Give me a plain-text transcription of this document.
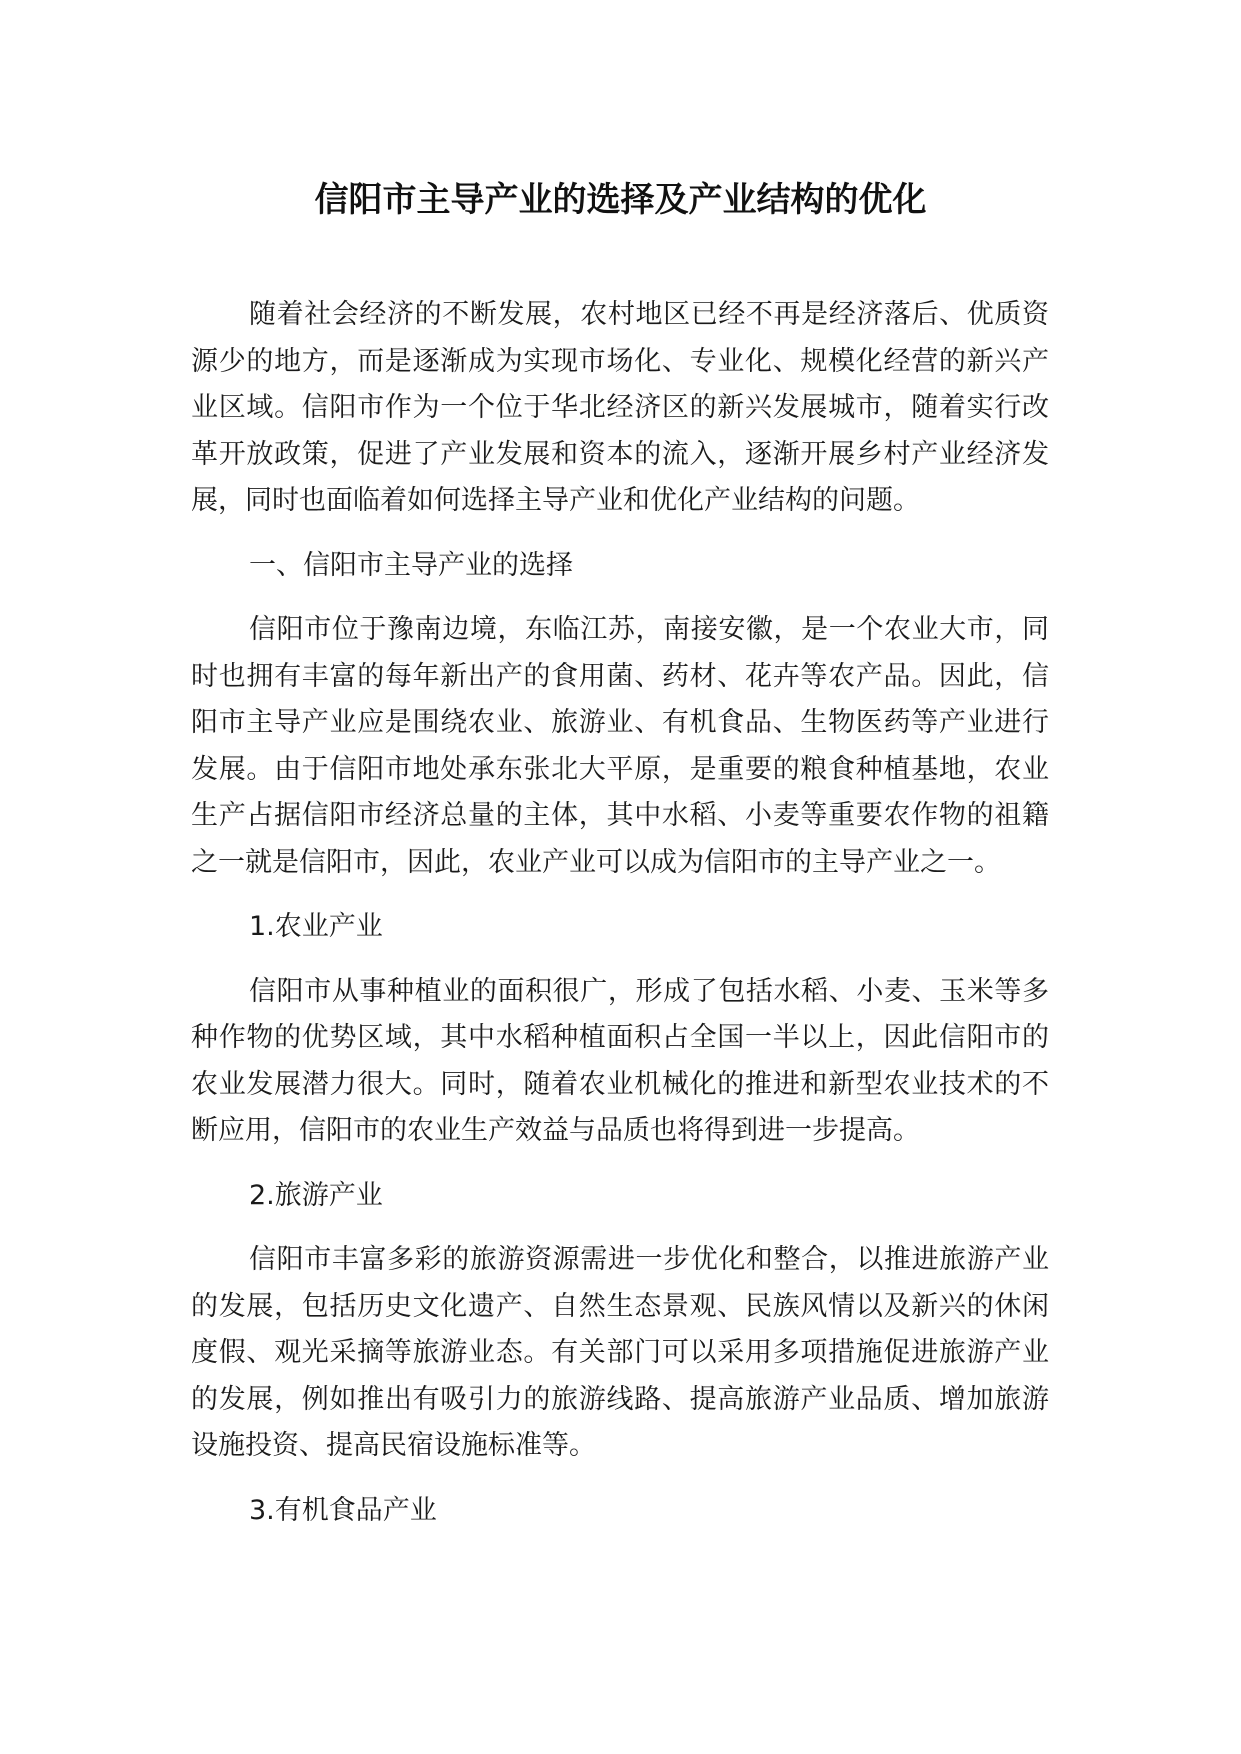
信阳市主导产业的选择及产业结构的优化

随着社会经济的不断发展，农村地区已经不再是经济落后、优质资源少的地方，而是逐渐成为实现市场化、专业化、规模化经营的新兴产业区域。信阳市作为一个位于华北经济区的新兴发展城市，随着实行改革开放政策，促进了产业发展和资本的流入，逐渐开展乡村产业经济发展，同时也面临着如何选择主导产业和优化产业结构的问题。

一、信阳市主导产业的选择

信阳市位于豫南边境，东临江苏，南接安徽，是一个农业大市，同时也拥有丰富的每年新出产的食用菌、药材、花卉等农产品。因此，信阳市主导产业应是围绕农业、旅游业、有机食品、生物医药等产业进行发展。由于信阳市地处承东张北大平原，是重要的粮食种植基地，农业生产占据信阳市经济总量的主体，其中水稻、小麦等重要农作物的祖籍之一就是信阳市，因此，农业产业可以成为信阳市的主导产业之一。

1.农业产业

信阳市从事种植业的面积很广，形成了包括水稻、小麦、玉米等多种作物的优势区域，其中水稻种植面积占全国一半以上，因此信阳市的农业发展潜力很大。同时，随着农业机械化的推进和新型农业技术的不断应用，信阳市的农业生产效益与品质也将得到进一步提高。

2.旅游产业

信阳市丰富多彩的旅游资源需进一步优化和整合，以推进旅游产业的发展，包括历史文化遗产、自然生态景观、民族风情以及新兴的休闲度假、观光采摘等旅游业态。有关部门可以采用多项措施促进旅游产业的发展，例如推出有吸引力的旅游线路、提高旅游产业品质、增加旅游设施投资、提高民宿设施标准等。

3.有机食品产业
